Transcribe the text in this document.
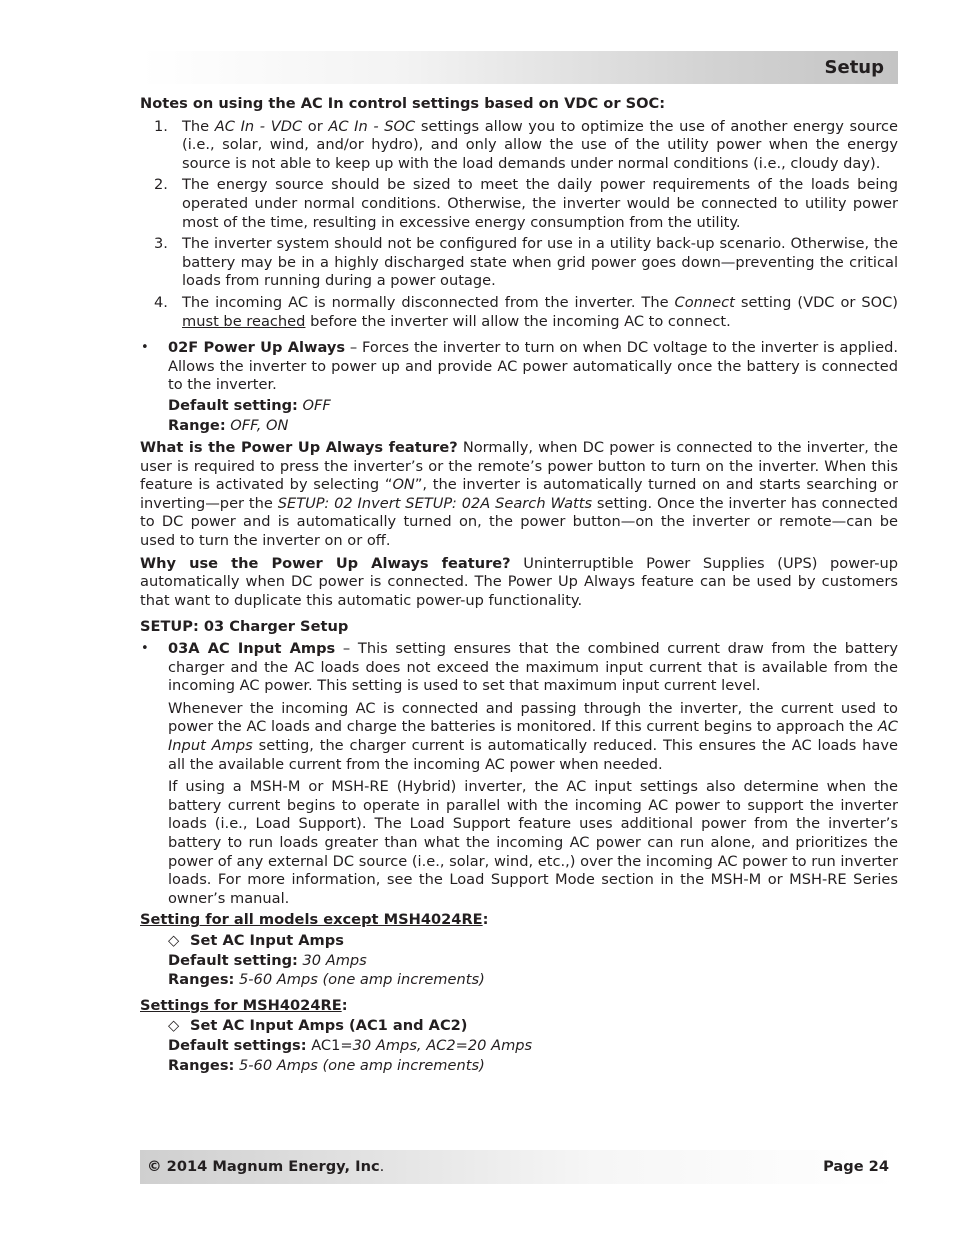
Setup

Notes on using the AC In control settings based on VDC or SOC:

1. The AC In - VDC or AC In - SOC settings allow you to optimize the use of another energy source (i.e., solar, wind, and/or hydro), and only allow the use of the utility power when the energy source is not able to keep up with the load demands under normal conditions (i.e., cloudy day).
2. The energy source should be sized to meet the daily power requirements of the loads being operated under normal conditions. Otherwise, the inverter would be connected to utility power most of the time, resulting in excessive energy consumption from the utility.
3. The inverter system should not be configured for use in a utility back-up scenario. Otherwise, the battery may be in a highly discharged state when grid power goes down—preventing the critical loads from running during a power outage.
4. The incoming AC is normally disconnected from the inverter. The Connect setting (VDC or SOC) must be reached before the inverter will allow the incoming AC to connect.
• 02F Power Up Always – Forces the inverter to turn on when DC voltage to the inverter is applied. Allows the inverter to power up and provide AC power automatically once the battery is connected to the inverter.

Default setting: OFF

Range: OFF, ON

What is the Power Up Always feature? Normally, when DC power is connected to the inverter, the user is required to press the inverter’s or the remote’s power button to turn on the inverter. When this feature is activated by selecting “ON”, the inverter is automatically turned on and starts searching or inverting—per the SETUP: 02 Invert SETUP: 02A Search Watts setting. Once the inverter has connected to DC power and is automatically turned on, the power button—on the inverter or remote—can be used to turn the inverter on or off.

Why use the Power Up Always feature? Uninterruptible Power Supplies (UPS) power-up automatically when DC power is connected. The Power Up Always feature can be used by customers that want to duplicate this automatic power-up functionality.

SETUP: 03 Charger Setup

• 03A AC Input Amps – This setting ensures that the combined current draw from the battery charger and the AC loads does not exceed the maximum input current that is available from the incoming AC power. This setting is used to set that maximum input current level.

Whenever the incoming AC is connected and passing through the inverter, the current used to power the AC loads and charge the batteries is monitored. If this current begins to approach the AC Input Amps setting, the charger current is automatically reduced. This ensures the AC loads have all the available current from the incoming AC power when needed.

If using a MSH-M or MSH-RE (Hybrid) inverter, the AC input settings also determine when the battery current begins to operate in parallel with the incoming AC power to support the inverter loads (i.e., Load Support). The Load Support feature uses additional power from the inverter’s battery to run loads greater than what the incoming AC power can run alone, and prioritizes the power of any external DC source (i.e., solar, wind, etc.,) over the incoming AC power to run inverter loads. For more information, see the Load Support Mode section in the MSH-M or MSH-RE Series owner’s manual.

Setting for all models except MSH4024RE:

◇ Set AC Input Amps

Default setting: 30 Amps

Ranges: 5-60 Amps (one amp increments)

Settings for MSH4024RE:

◇ Set AC Input Amps (AC1 and AC2)

Default settings: AC1=30 Amps, AC2=20 Amps

Ranges: 5-60 Amps (one amp increments)

© 2014 Magnum Energy, Inc.	Page 24
